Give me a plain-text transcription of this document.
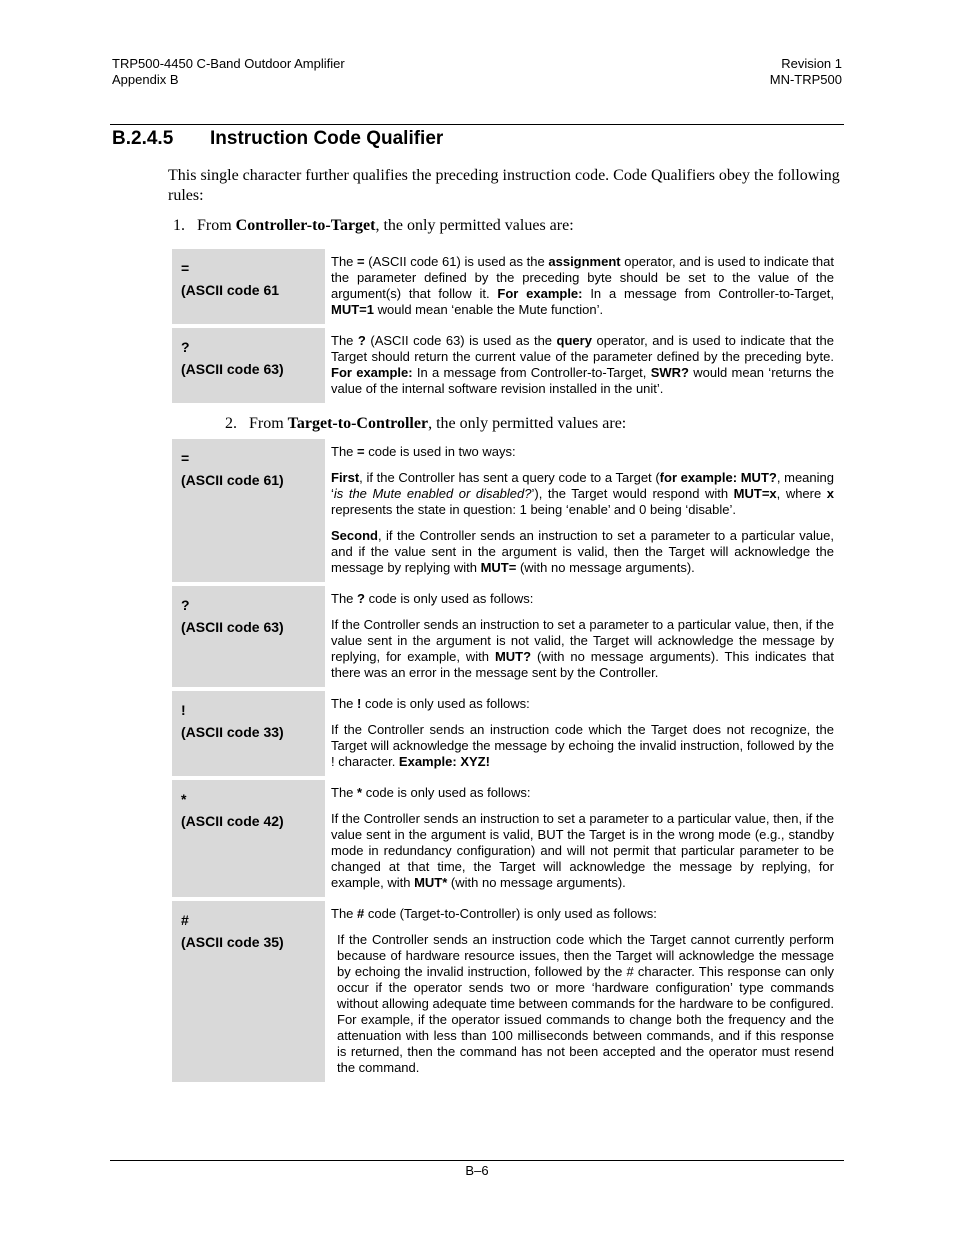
TRP500-4450 C-Band Outdoor Amplifier
Appendix B
Revision 1
MN-TRP500
B.2.4.5 Instruction Code Qualifier
This single character further qualifies the preceding instruction code. Code Qualifiers obey the following rules:
1. From Controller-to-Target, the only permitted values are:
=
(ASCII code 61

The = (ASCII code 61) is used as the assignment operator, and is used to indicate that the parameter defined by the preceding byte should be set to the value of the argument(s) that follow it. For example: In a message from Controller-to-Target, MUT=1 would mean ‘enable the Mute function’.

?
(ASCII code 63)

The ? (ASCII code 63) is used as the query operator, and is used to indicate that the Target should return the current value of the parameter defined by the preceding byte. For example: In a message from Controller-to-Target, SWR? would mean ‘returns the value of the internal software revision installed in the unit’.

2. From Target-to-Controller, the only permitted values are:
=
(ASCII code 61)

The = code is used in two ways:

First, if the Controller has sent a query code to a Target (for example: MUT?, meaning ‘is the Mute enabled or disabled?’), the Target would respond with MUT=x, where x represents the state in question: 1 being ‘enable’ and 0 being ‘disable’.

Second, if the Controller sends an instruction to set a parameter to a particular value, and if the value sent in the argument is valid, then the Target will acknowledge the message by replying with MUT= (with no message arguments).

?
(ASCII code 63)

The ? code is only used as follows:

If the Controller sends an instruction to set a parameter to a particular value, then, if the value sent in the argument is not valid, the Target will acknowledge the message by replying, for example, with MUT? (with no message arguments). This indicates that there was an error in the message sent by the Controller.

!
(ASCII code 33)

The ! code is only used as follows:

If the Controller sends an instruction code which the Target does not recognize, the Target will acknowledge the message by echoing the invalid instruction, followed by the ! character. Example: XYZ!

*
(ASCII code 42)

The * code is only used as follows:

If the Controller sends an instruction to set a parameter to a particular value, then, if the value sent in the argument is valid, BUT the Target is in the wrong mode (e.g., standby mode in redundancy configuration) and will not permit that particular parameter to be changed at that time, the Target will acknowledge the message by replying, for example, with MUT* (with no message arguments).

#
(ASCII code 35)

The # code (Target-to-Controller) is only used as follows:

If the Controller sends an instruction code which the Target cannot currently perform because of hardware resource issues, then the Target will acknowledge the message by echoing the invalid instruction, followed by the # character. This response can only occur if the operator sends two or more ‘hardware configuration’ type commands without allowing adequate time between commands for the hardware to be configured. For example, if the operator issued commands to change both the frequency and the attenuation with less than 100 milliseconds between commands, and if this response is returned, then the command has not been accepted and the operator must resend the command.

B–6
